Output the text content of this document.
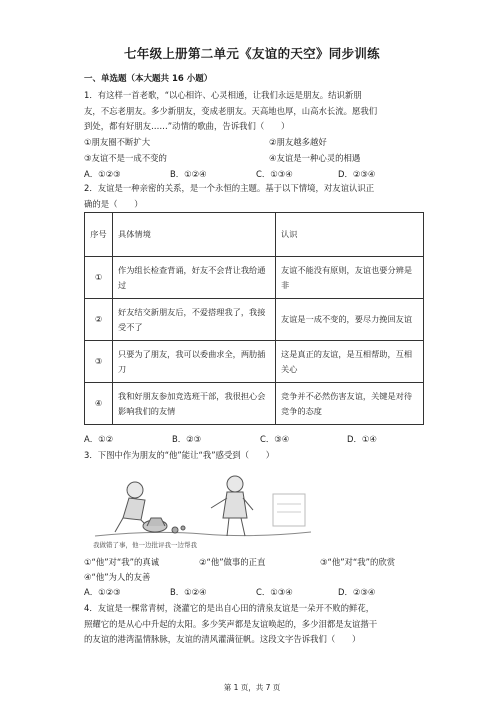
七年级上册第二单元《友谊的天空》同步训练
一、单选题（本大题共 16 小题）
1．有这样一首老歌，“以心相许、心灵相通，让我们永远是朋友。结识新朋
友，不忘老朋友。多少新朋友，变成老朋友。天高地也厚，山高水长流。愿我们
到处，都有好朋友……”动情的歌曲，告诉我们（　　）
①朋友圈不断扩大	②朋友越多越好
③友谊不是一成不变的	④友谊是一种心灵的相遇
A．①②③	B．①②④	C．①③④	D．②③④
2．友谊是一种亲密的关系，是一个永恒的主题。基于以下情境，对友谊认识正
确的是（　　）
序号	具体情境	认识
①	作为组长检查背诵，好友不会背让我给通过	友谊不能没有原则，友谊也要分辨是非
②	好友结交新朋友后，不爱搭理我了，我接受不了	友谊是一成不变的，要尽力挽回友谊
③	只要为了朋友，我可以委曲求全，两肋插刀	这是真正的友谊，是互相帮助，互相关心
④	我和好朋友参加竞选班干部，我很担心会影响我们的友情	竞争并不必然伤害友谊，关键是对待竞争的态度
A．①②	B．②③	C．③④	D．①④
3．下图中作为朋友的“他”能让“我”感受到（　　）
我做错了事，他一边批评我一边帮我
①“他”对“我”的真诚	②“他”做事的正直	③“他”对“我”的欣赏
④“他”为人的友善
A．①②③	B．①②④	C．①③④	D．②③④
4．友谊是一棵常青树，浇灌它的是出自心田的清泉友谊是一朵开不败的鲜花，
照耀它的是从心中升起的太阳。多少笑声都是友谊唤起的，多少泪都是友谊揩干
的友谊的港湾温情脉脉，友谊的清风灌满征帆。这段文字告诉我们（　　）
第 1 页，共 7 页
